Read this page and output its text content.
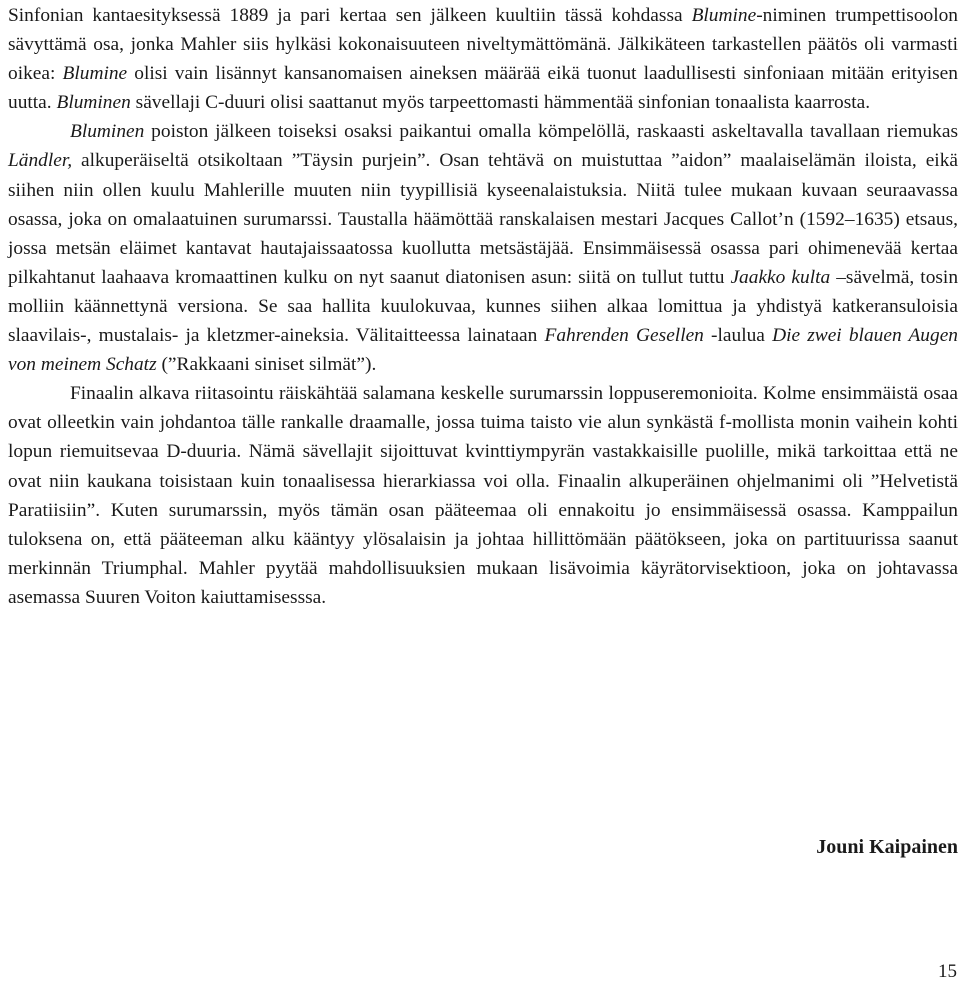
Sinfonian kantaesityksessä 1889 ja pari kertaa sen jälkeen kuultiin tässä kohdassa Blumine-niminen trumpettisoolon sävyttämä osa, jonka Mahler siis hylkäsi kokonaisuuteen niveltymättömänä. Jälkikäteen tarkastellen päätös oli varmasti oikea: Blumine olisi vain lisännyt kansanomaisen aineksen määrää eikä tuonut laadullisesti sinfoniaan mitään erityisen uutta. Bluminen sävellaji C-duuri olisi saattanut myös tarpeettomasti hämmentää sinfonian tonaalista kaarrosta.

Bluminen poiston jälkeen toiseksi osaksi paikantui omalla kömpelöllä, raskaasti askeltavalla tavallaan riemukas Ländler, alkuperäiseltä otsikoltaan ”Täysin purjein”. Osan tehtävä on muistuttaa ”aidon” maalaiselämän iloista, eikä siihen niin ollen kuulu Mahlerille muuten niin tyypillisiä kyseenalaistuksia. Niitä tulee mukaan kuvaan seuraavassa osassa, joka on omalaatuinen surumarssi. Taustalla häämöttää ranskalaisen mestari Jacques Callot’n (1592–1635) etsaus, jossa metsän eläimet kantavat hautajaissaatossa kuollutta metsästäjää. Ensimmäisessä osassa pari ohimenevää kertaa pilkahtanut laahaava kromaattinen kulku on nyt saanut diatonisen asun: siitä on tullut tuttu Jaakko kulta –sävelmä, tosin molliin käännettynä versiona. Se saa hallita kuulokuvaa, kunnes siihen alkaa lomittua ja yhdistyä katkeransuloisia slaavilais-, mustalais- ja kletzmer-aineksia. Välitaitteessa lainataan Fahrenden Gesellen -laulua Die zwei blauen Augen von meinem Schatz (”Rakkaani siniset silmät”).

Finaalin alkava riitasointu räiskähtää salamana keskelle surumarssin loppuseremonioita. Kolme ensimmäistä osaa ovat olleetkin vain johdantoa tälle rankalle draamalle, jossa tuima taisto vie alun synkästä f-mollista monin vaihein kohti lopun riemuitsevaa D-duuria. Nämä sävellajit sijoittuvat kvinttiympyrän vastakkaisille puolille, mikä tarkoittaa että ne ovat niin kaukana toisistaan kuin tonaalisessa hierarkiassa voi olla. Finaalin alkuperäinen ohjelmanimi oli ”Helvetistä Paratiisiin”. Kuten surumarssin, myös tämän osan pääteemaa oli ennakoitu jo ensimmäisessä osassa. Kamppailun tuloksena on, että pääteeman alku kääntyy ylösalaisin ja johtaa hillittömään päätökseen, joka on partituurissa saanut merkinnän Triumphal. Mahler pyytää mahdollisuuksien mukaan lisävoimia käyrätorvisektioon, joka on johtavassa asemassa Suuren Voiton kaiuttamisesssa.

Jouni Kaipainen

15
